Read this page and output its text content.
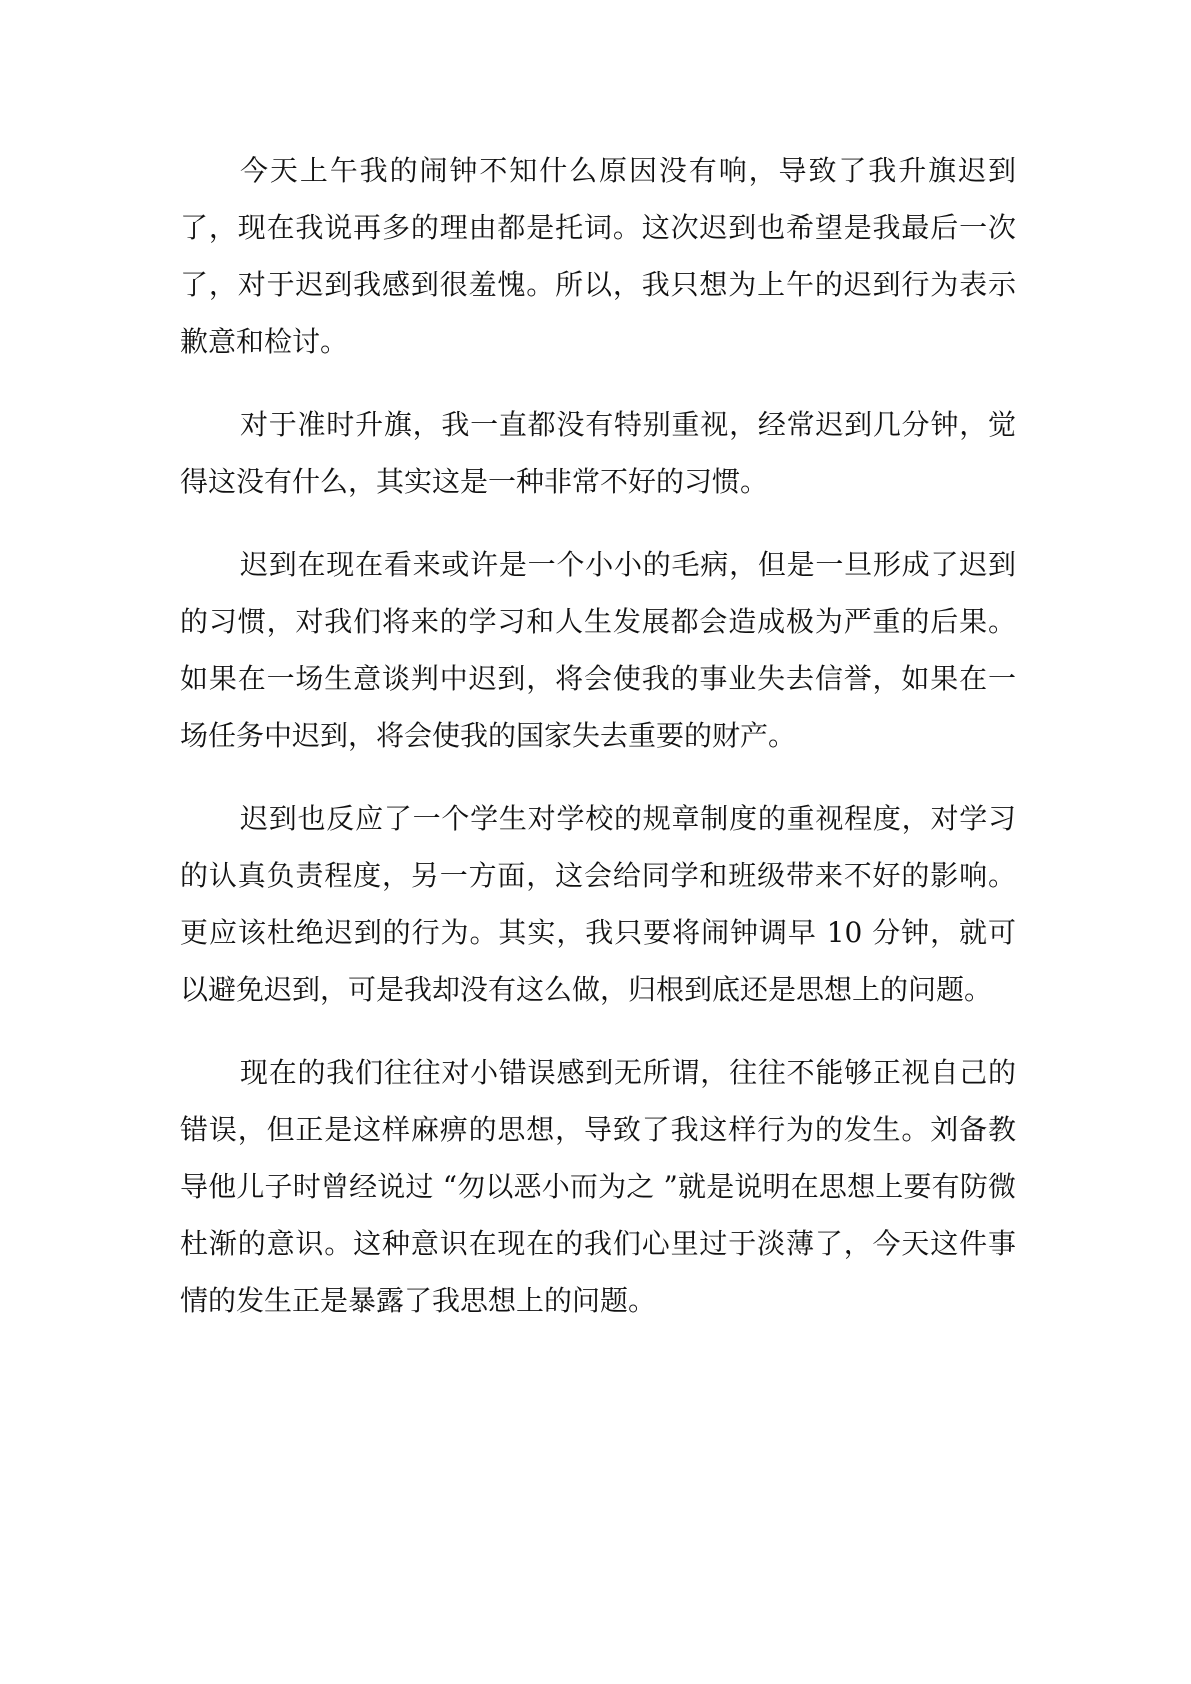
今天上午我的闹钟不知什么原因没有响，导致了我升旗迟到了，现在我说再多的理由都是托词。这次迟到也希望是我最后一次了，对于迟到我感到很羞愧。所以，我只想为上午的迟到行为表示歉意和检讨。

对于准时升旗，我一直都没有特别重视，经常迟到几分钟，觉得这没有什么，其实这是一种非常不好的习惯。

迟到在现在看来或许是一个小小的毛病，但是一旦形成了迟到的习惯，对我们将来的学习和人生发展都会造成极为严重的后果。如果在一场生意谈判中迟到，将会使我的事业失去信誉，如果在一场任务中迟到，将会使我的国家失去重要的财产。

迟到也反应了一个学生对学校的规章制度的重视程度，对学习的认真负责程度，另一方面，这会给同学和班级带来不好的影响。更应该杜绝迟到的行为。其实，我只要将闹钟调早 10 分钟，就可以避免迟到，可是我却没有这么做，归根到底还是思想上的问题。

现在的我们往往对小错误感到无所谓，往往不能够正视自己的错误，但正是这样麻痹的思想，导致了我这样行为的发生。刘备教导他儿子时曾经说过 “勿以恶小而为之 ”就是说明在思想上要有防微杜渐的意识。这种意识在现在的我们心里过于淡薄了，今天这件事情的发生正是暴露了我思想上的问题。
